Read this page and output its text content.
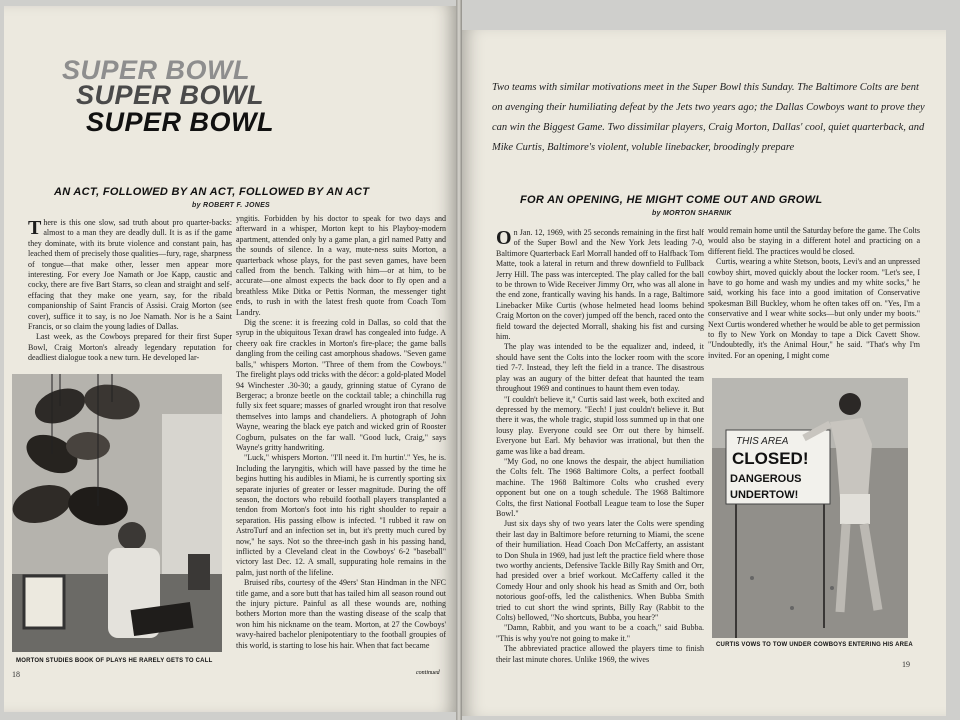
SUPER BOWL
SUPER BOWL
SUPER BOWL
AN ACT, FOLLOWED BY AN ACT, FOLLOWED BY AN ACT
by ROBERT F. JONES

There is this one slow, sad truth about pro quarter-backs: almost to a man they are deadly dull. It is as if the game they dominate, with its brute violence and constant pain, has leached them of precisely those qualities—fury, rage, sharpness of tongue—that make other, lesser men appear more interesting. For every Joe Namath or Joe Kapp, caustic and cocky, there are five Bart Starrs, so clean and straight and self-effacing that they make one yearn, say, for the ribald companionship of Saint Francis of Assisi. Craig Morton (see cover), suffice it to say, is no Joe Namath. Nor is he a Saint Francis, or so claim the young ladies of Dallas.

Last week, as the Cowboys prepared for their first Super Bowl, Craig Morton's already legendary reputation for deadliest dialogue took a new turn. He developed lar-

yngitis. Forbidden by his doctor to speak for two days and afterward in a whisper, Morton kept to his Playboy-modern apartment, attended only by a game plan, a girl named Patty and the sounds of silence. In a way, mute-ness suits Morton, a quarterback whose plays, for the past seven games, have been called from the bench. Talking with him—or at him, to be accurate—one almost expects the back door to fly open and a breathless Mike Ditka or Pettis Norman, the messenger tight ends, to rush in with the latest fresh quote from Coach Tom Landry.

Dig the scene: it is freezing cold in Dallas, so cold that the syrup in the ubiquitous Texan drawl has congealed into fudge. A cheery oak fire crackles in Morton's fire-place; the game balls dangling from the ceiling cast amorphous shadows. "Seven game balls," whispers Morton. "Three of them from the Cowboys." The firelight plays odd tricks with the décor: a gold-plated Model 94 Winchester .30-30; a gaudy, grinning statue of Cyrano de Bergerac; a bronze beetle on the cocktail table; a chinchilla rug fully six feet square; masses of gnarled wrought iron that resolve themselves into lamps and chandeliers. A photograph of John Wayne, wearing the black eye patch and wicked grin of Rooster Cogburn, pulsates on the far wall. "Good luck, Craig," says Wayne's gritty handwriting.

"Luck," whispers Morton. "I'll need it. I'm hurtin'." Yes, he is. Including the laryngitis, which will have passed by the time he begins hutting his audibles in Miami, he is currently sporting six separate injuries of greater or lesser magnitude. During the off season, the doctors who rebuild football players transplanted a tendon from Morton's foot into his right shoulder to repair a separation. His passing elbow is infected. "I rubbed it raw on AstroTurf and an infection set in, but it's pretty much cured by now," he says. Not so the three-inch gash in his passing hand, inflicted by a Cleveland cleat in the Cowboys' 6-2 "baseball" victory last Dec. 12. A small, suppurating hole remains in the palm, just north of the lifeline.

Bruised ribs, courtesy of the 49ers' Stan Hindman in the NFC title game, and a sore butt that has tailed him all season round out the injury picture. Painful as all these wounds are, nothing bothers Morton more than the wasting disease of the scalp that won him his nickname on the team. Morton, at 27 the Cowboys' wavy-haired bachelor plenipotentiary to the football groupies of this world, is starting to lose his hair. When that fact became

continued
MORTON STUDIES BOOK OF PLAYS HE RARELY GETS TO CALL
18

Two teams with similar motivations meet in the Super Bowl this Sunday. The Baltimore Colts are bent on avenging their humiliating defeat by the Jets two years ago; the Dallas Cowboys want to prove they can win the Biggest Game. Two dissimilar players, Craig Morton, Dallas' cool, quiet quarterback, and Mike Curtis, Baltimore's violent, voluble linebacker, broodingly prepare

FOR AN OPENING, HE MIGHT COME OUT AND GROWL
by MORTON SHARNIK

On Jan. 12, 1969, with 25 seconds remaining in the first half of the Super Bowl and the New York Jets leading 7-0, Baltimore Quarterback Earl Morrall handed off to Halfback Tom Matte, took a lateral in return and threw downfield to Fullback Jerry Hill. The pass was intercepted. The play called for the ball to be thrown to Wide Receiver Jimmy Orr, who was all alone in the end zone, frantically waving his hands. In a rage, Baltimore Linebacker Mike Curtis (whose helmeted head looms behind Craig Morton on the cover) jumped off the bench, raced onto the field toward the dejected Morrall, shaking his fist and cursing him.

The play was intended to be the equalizer and, indeed, it should have sent the Colts into the locker room with the score tied 7-7. Instead, they left the field in a trance. The disastrous play was an augury of the bitter defeat that haunted the team throughout 1969 and continues to haunt them even today.

"I couldn't believe it," Curtis said last week, both excited and depressed by the memory. "Eech! I just couldn't believe it. But there it was, the whole tragic, stupid loss summed up in that one lousy play. Everyone could see Orr out there by himself. Everyone but Earl. My behavior was irrational, but then the game was like a bad dream.

"My God, no one knows the despair, the abject humiliation the Colts felt. The 1968 Baltimore Colts, a perfect football machine. The 1968 Baltimore Colts who crushed every opponent but one on a tough schedule. The 1968 Baltimore Colts, the first National Football League team to lose the Super Bowl."

Just six days shy of two years later the Colts were spending their last day in Baltimore before returning to Miami, the scene of their humiliation. Head Coach Don McCafferty, an assistant to Don Shula in 1969, had just left the practice field where those two worthy ancients, Defensive Tackle Billy Ray Smith and Orr, had presided over a brief workout. McCafferty called it the Comedy Hour and only shook his head as Smith and Orr, both notorious goof-offs, led the calisthenics. When Bubba Smith tried to cut short the wind sprints, Billy Ray (Rabbit to the Colts) bellowed, "No shortcuts, Bubba, you hear?"

"Damn, Rabbit, and you want to be a coach," said Bubba. "This is why you're not going to make it."

The abbreviated practice allowed the players time to finish their last minute chores. Unlike 1969, the wives

would remain home until the Saturday before the game. The Colts would also be staying in a different hotel and practicing on a different field. The practices would be closed.

Curtis, wearing a white Stetson, boots, Levi's and an unpressed cowboy shirt, moved quickly about the locker room. "Let's see, I have to go home and wash my undies and my white socks," he said, working his face into a good imitation of Conservative spokesman Bill Buckley, whom he often takes off on. "Yes, I'm a conservative and I wear white socks—but only under my boots." Next Curtis wondered whether he would be able to get permission to fly to New York on Monday to tape a Dick Cavett Show. "Undoubtedly, it's the Animal Hour," he said. "That's why I'm invited. For an opening, I might come

THIS AREA
CLOSED!
DANGEROUS
UNDERTOW!
CURTIS VOWS TO TOW UNDER COWBOYS ENTERING HIS AREA
19
